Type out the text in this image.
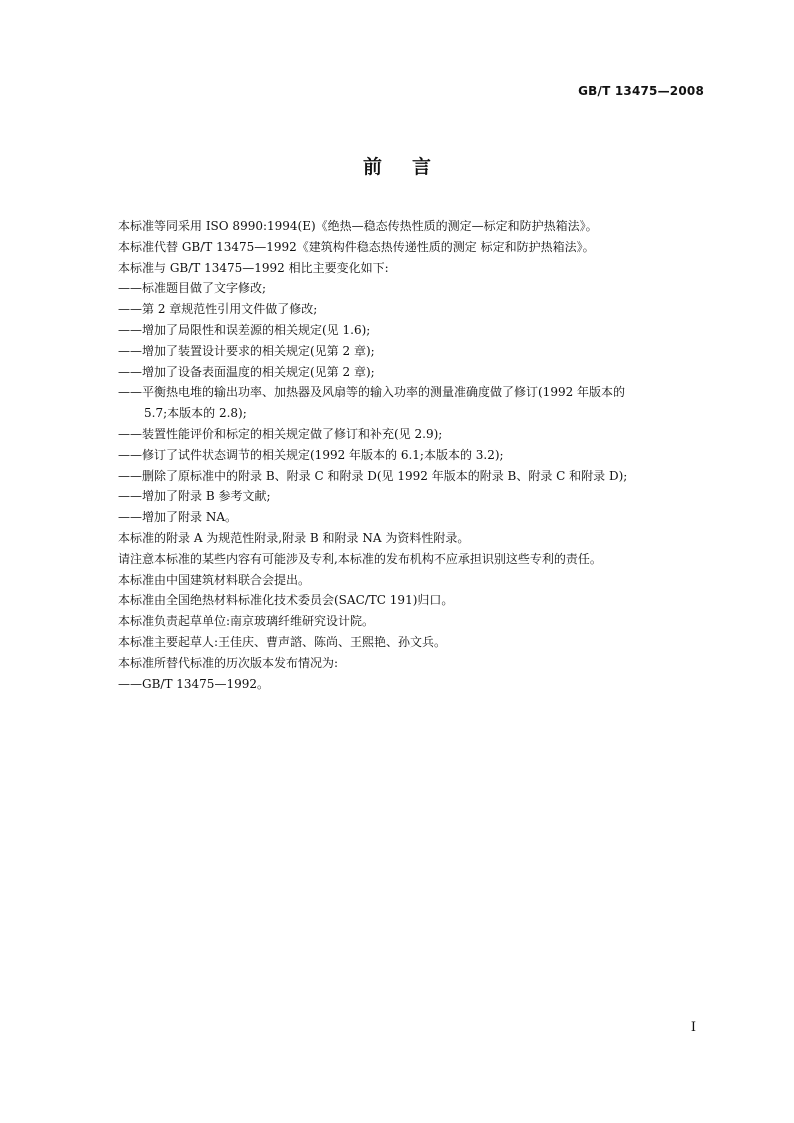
GB/T 13475—2008
前言
本标准等同采用 ISO 8990:1994(E)《绝热—稳态传热性质的测定—标定和防护热箱法》。
本标准代替 GB/T 13475—1992《建筑构件稳态热传递性质的测定 标定和防护热箱法》。
本标准与 GB/T 13475—1992 相比主要变化如下:
——标准题目做了文字修改;
——第 2 章规范性引用文件做了修改;
——增加了局限性和误差源的相关规定(见 1.6);
——增加了装置设计要求的相关规定(见第 2 章);
——增加了设备表面温度的相关规定(见第 2 章);
——平衡热电堆的输出功率、加热器及风扇等的输入功率的测量准确度做了修订(1992 年版本的
5.7;本版本的 2.8);
——装置性能评价和标定的相关规定做了修订和补充(见 2.9);
——修订了试件状态调节的相关规定(1992 年版本的 6.1;本版本的 3.2);
——删除了原标准中的附录 B、附录 C 和附录 D(见 1992 年版本的附录 B、附录 C 和附录 D);
——增加了附录 B 参考文献;
——增加了附录 NA。
本标准的附录 A 为规范性附录,附录 B 和附录 NA 为资料性附录。
请注意本标准的某些内容有可能涉及专利,本标准的发布机构不应承担识别这些专利的责任。
本标准由中国建筑材料联合会提出。
本标准由全国绝热材料标准化技术委员会(SAC/TC 191)归口。
本标准负责起草单位:南京玻璃纤维研究设计院。
本标准主要起草人:王佳庆、曹声諮、陈尚、王熙艳、孙文兵。
本标准所替代标准的历次版本发布情况为:
——GB/T 13475—1992。
I
